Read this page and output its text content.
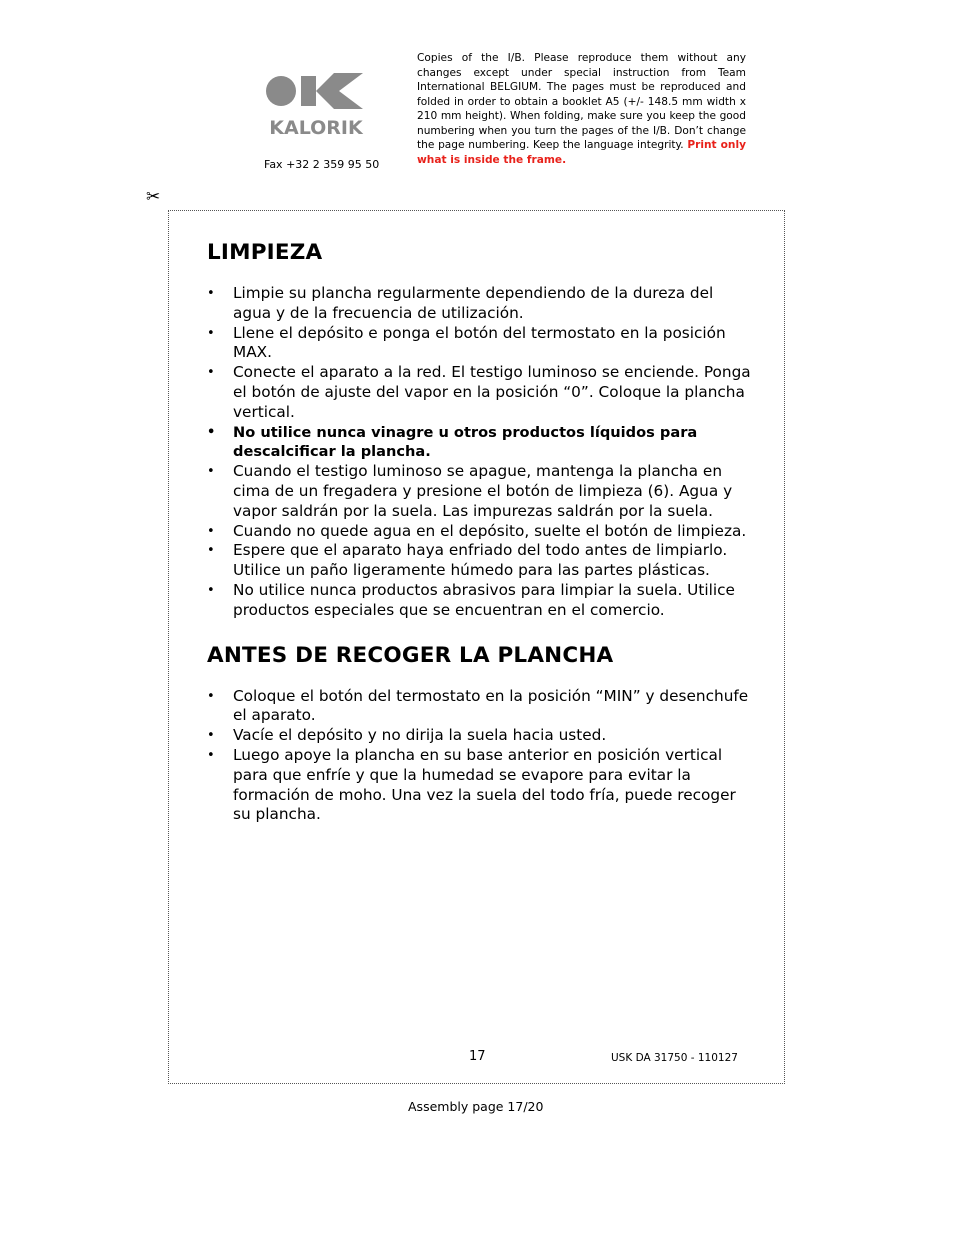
KALORIK
Fax +32 2 359 95 50
Copies of the I/B. Please reproduce them without any changes except under special instruction from Team International BELGIUM. The pages must be reproduced and folded in order to obtain a booklet A5 (+/- 148.5 mm width x 210 mm height). When folding, make sure you keep the good numbering when you turn the pages of the I/B. Don’t change the page numbering. Keep the language integrity. Print only what is inside the frame.
✂
LIMPIEZA
• Limpie su plancha regularmente dependiendo de la dureza del agua y de la frecuencia de utilización.
• Llene el depósito e ponga el botón del termostato en la posición MAX.
• Conecte el aparato a la red. El testigo luminoso se enciende. Ponga el botón de ajuste del vapor en la posición “0”. Coloque la plancha vertical.
• No utilice nunca vinagre u otros productos líquidos para descalcificar la plancha.
• Cuando el testigo luminoso se apague, mantenga la plancha en cima de un fregadera y presione el botón de limpieza (6). Agua y vapor saldrán por la suela. Las impurezas saldrán por la suela.
• Cuando no quede agua en el depósito, suelte el botón de limpieza.
• Espere que el aparato haya enfriado del todo antes de limpiarlo. Utilice un paño ligeramente húmedo para las partes plásticas.
• No utilice nunca productos abrasivos para limpiar la suela. Utilice productos especiales que se encuentran en el comercio.
ANTES DE RECOGER LA PLANCHA
• Coloque el botón del termostato en la posición “MIN” y desenchufe el aparato.
• Vacíe el depósito y no dirija la suela hacia usted.
• Luego apoye la plancha en su base anterior en posición vertical para que enfríe y que la humedad se evapore para evitar la formación de moho. Una vez la suela del todo fría, puede recoger su plancha.
17	USK DA 31750 - 110127
Assembly page 17/20
